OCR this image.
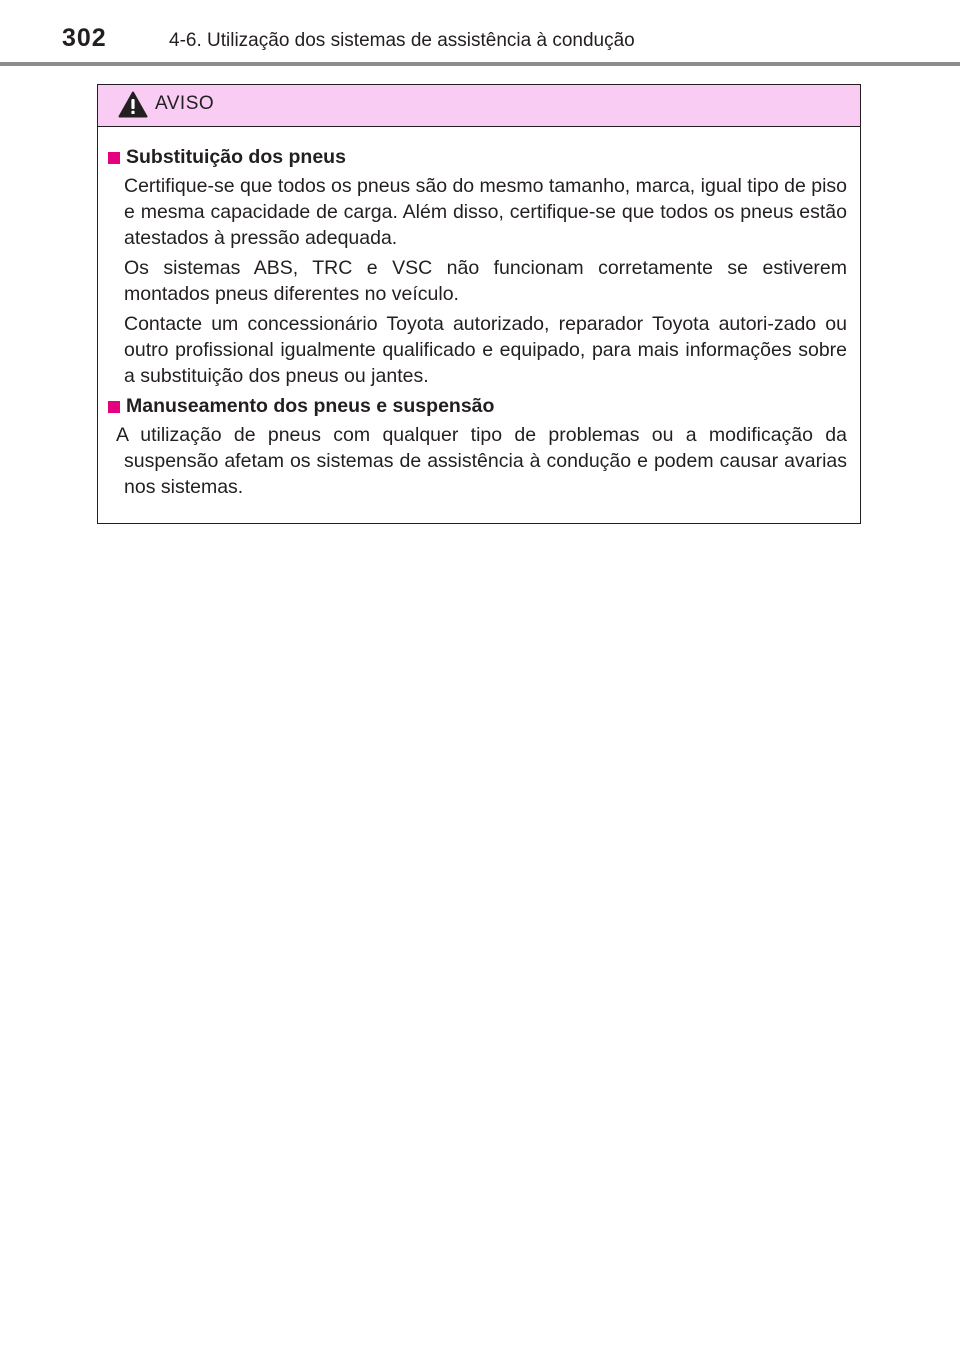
302	4-6. Utilização dos sistemas de assistência à condução
AVISO
Substituição dos pneus

Certifique-se que todos os pneus são do mesmo tamanho, marca, igual tipo de piso e mesma capacidade de carga. Além disso, certifique-se que todos os pneus estão atestados à pressão adequada.

Os sistemas ABS, TRC e VSC não funcionam corretamente se estiverem montados pneus diferentes no veículo.

Contacte um concessionário Toyota autorizado, reparador Toyota autori-zado ou outro profissional igualmente qualificado e equipado, para mais informações sobre a substituição dos pneus ou jantes.

Manuseamento dos pneus e suspensão

A utilização de pneus com qualquer tipo de problemas ou a modificação da suspensão afetam os sistemas de assistência à condução e podem causar avarias nos sistemas.
